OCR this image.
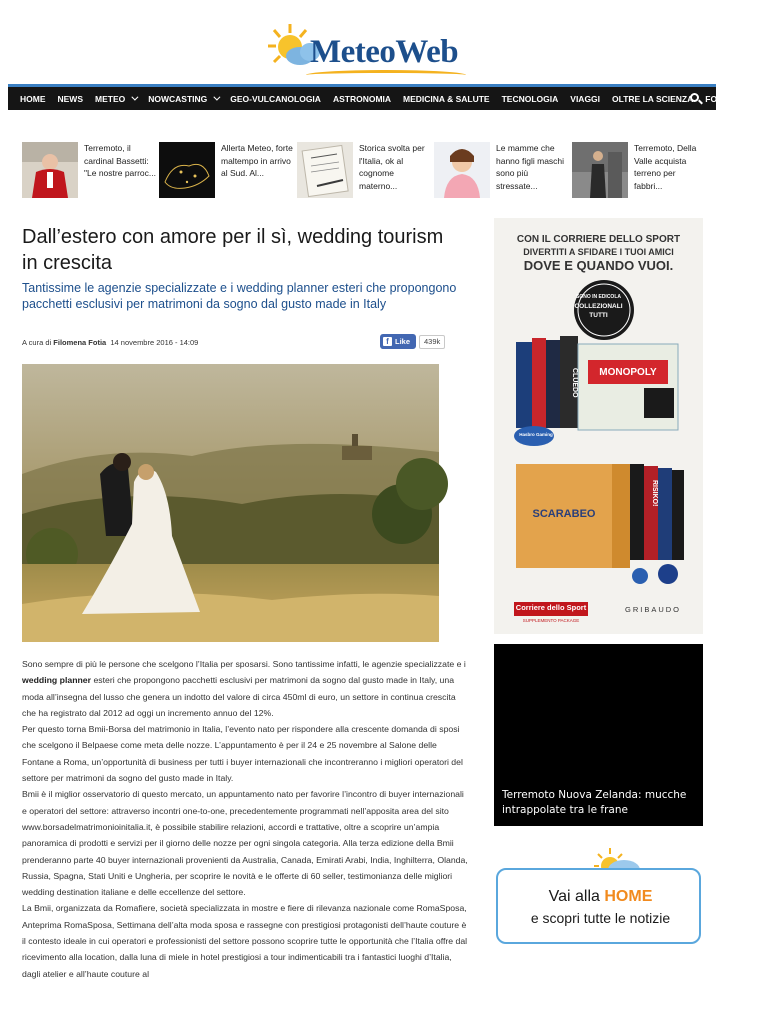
MeteoWeb
HOME NEWS METEO	NOWCASTING	GEO-VULCANOLOGIA ASTRONOMIA MEDICINA & SALUTE TECNOLOGIA VIAGGI OLTRE LA SCIENZA FOTO VIDEO
Terremoto, il cardinal Bassetti: "Le nostre parroc...
Allerta Meteo, forte maltempo in arrivo al Sud. Al...
Storica svolta per l'Italia, ok al cognome materno...
Le mamme che hanno figli maschi sono più stressate...
Terremoto, Della Valle acquista terreno per fabbri...
Dall’estero con amore per il sì, wedding tourism in crescita
Tantissime le agenzie specializzate e i wedding planner esteri che propongono pacchetti esclusivi per matrimoni da sogno dal gusto made in Italy
A cura di Filomena Fotia 14 novembre 2016 - 14:09	f Like	439k

Sono sempre di più le persone che scelgono l’Italia per sposarsi. Sono tantissime infatti, le agenzie specializzate e i wedding planner esteri che propongono pacchetti esclusivi per matrimoni da sogno dal gusto made in Italy, una moda all’insegna del lusso che genera un indotto del valore di circa 450ml di euro, un settore in continua crescita che ha registrato dal 2012 ad oggi un incremento annuo del 12%.

Per questo torna Bmii-Borsa del matrimonio in Italia, l’evento nato per rispondere alla crescente domanda di sposi che scelgono il Belpaese come meta delle nozze. L’appuntamento è per il 24 e 25 novembre al Salone delle Fontane a Roma, un’opportunità di business per tutti i buyer internazionali che incontreranno i migliori operatori del settore per matrimoni da sogno del gusto made in Italy.

Bmii è il miglior osservatorio di questo mercato, un appuntamento nato per favorire l’incontro di buyer internazionali e operatori del settore: attraverso incontri one-to-one, precedentemente programmati nell’apposita area del sito www.borsadelmatrimonioinitalia.it, è possibile stabilire relazioni, accordi e trattative, oltre a scoprire un’ampia panoramica di prodotti e servizi per il giorno delle nozze per ogni singola categoria. Alla terza edizione della Bmii prenderanno parte 40 buyer internazionali provenienti da Australia, Canada, Emirati Arabi, India, Inghilterra, Olanda, Russia, Spagna, Stati Uniti e Ungheria, per scoprire le novità e le offerte di 60 seller, testimonianza delle migliori wedding destination italiane e delle eccellenze del settore.

La Bmii, organizzata da Romafiere, società specializzata in mostre e fiere di rilevanza nazionale come RomaSposa, Anteprima RomaSposa, Settimana dell’alta moda sposa e rassegne con prestigiosi protagonisti dell’haute couture è il contesto ideale in cui operatori e professionisti del settore possono scoprire tutte le opportunità che l’Italia offre dal ricevimento alla location, dalla luna di miele in hotel prestigiosi a tour indimenticabili tra i fantastici luoghi d’Italia, dagli atelier e all’haute couture al

CON IL CORRIERE DELLO SPORT
DIVERTITI A SFIDARE I TUOI AMICI
DOVE E QUANDO VUOI.
SONO IN EDICOLA
COLLEZIONALI
TUTTI
MONOPOLY
CLUEDO
SCARABEO
RISIKO!
Hasbro Gaming
Corriere dello Sport
SUPPLEMENTO PACKAGE
GRIBAUDO
Terremoto Nuova Zelanda: mucche intrappolate tra le frane
Vai alla HOME
e scopri tutte le notizie
